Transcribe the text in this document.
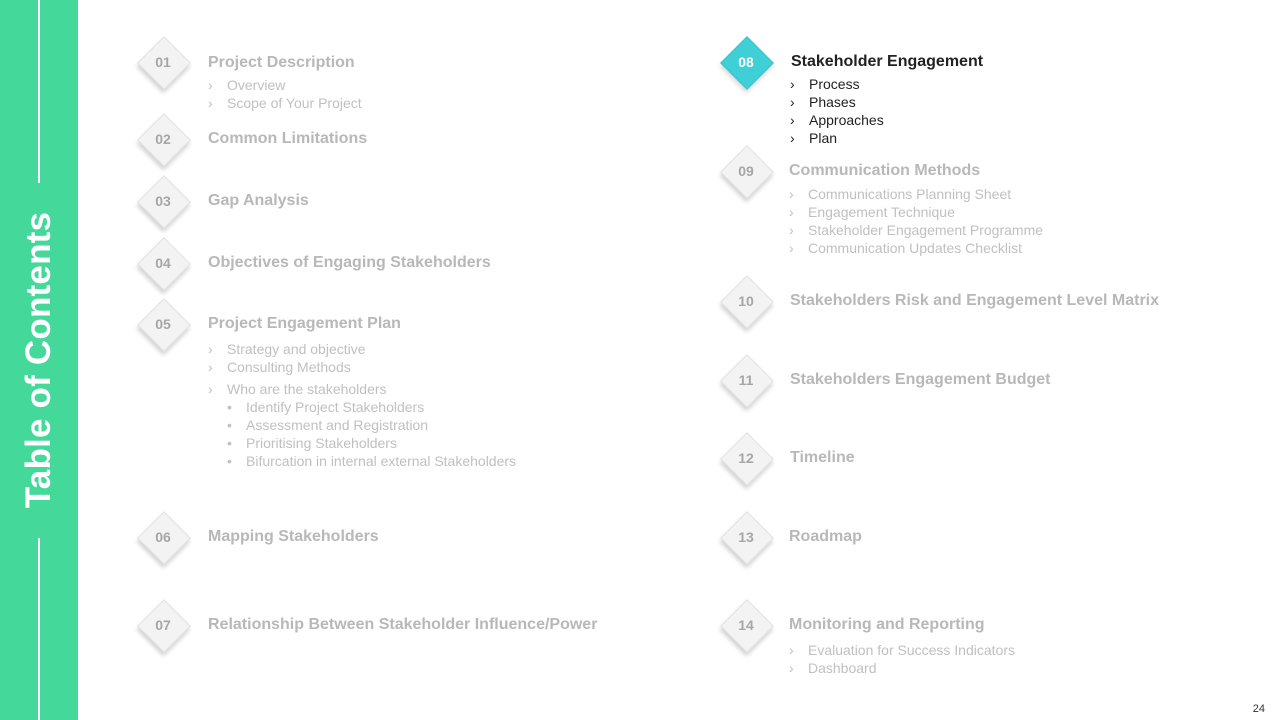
Table of Contents
01	Project Description
› Overview
› Scope of Your Project
02	Common Limitations
03	Gap Analysis
04	Objectives of Engaging Stakeholders
05	Project Engagement Plan
› Strategy and objective
› Consulting Methods
› Who are the stakeholders
• Identify Project Stakeholders
• Assessment and Registration
• Prioritising Stakeholders
• Bifurcation in internal external Stakeholders
06	Mapping Stakeholders
07	Relationship Between Stakeholder Influence/Power
08	Stakeholder Engagement
› Process
› Phases
› Approaches
› Plan
09	Communication Methods
› Communications Planning Sheet
› Engagement Technique
› Stakeholder Engagement Programme
› Communication Updates Checklist
10	Stakeholders Risk and Engagement Level Matrix
11	Stakeholders Engagement Budget
12	Timeline
13	Roadmap
14	Monitoring and Reporting
› Evaluation for Success Indicators
› Dashboard
24
